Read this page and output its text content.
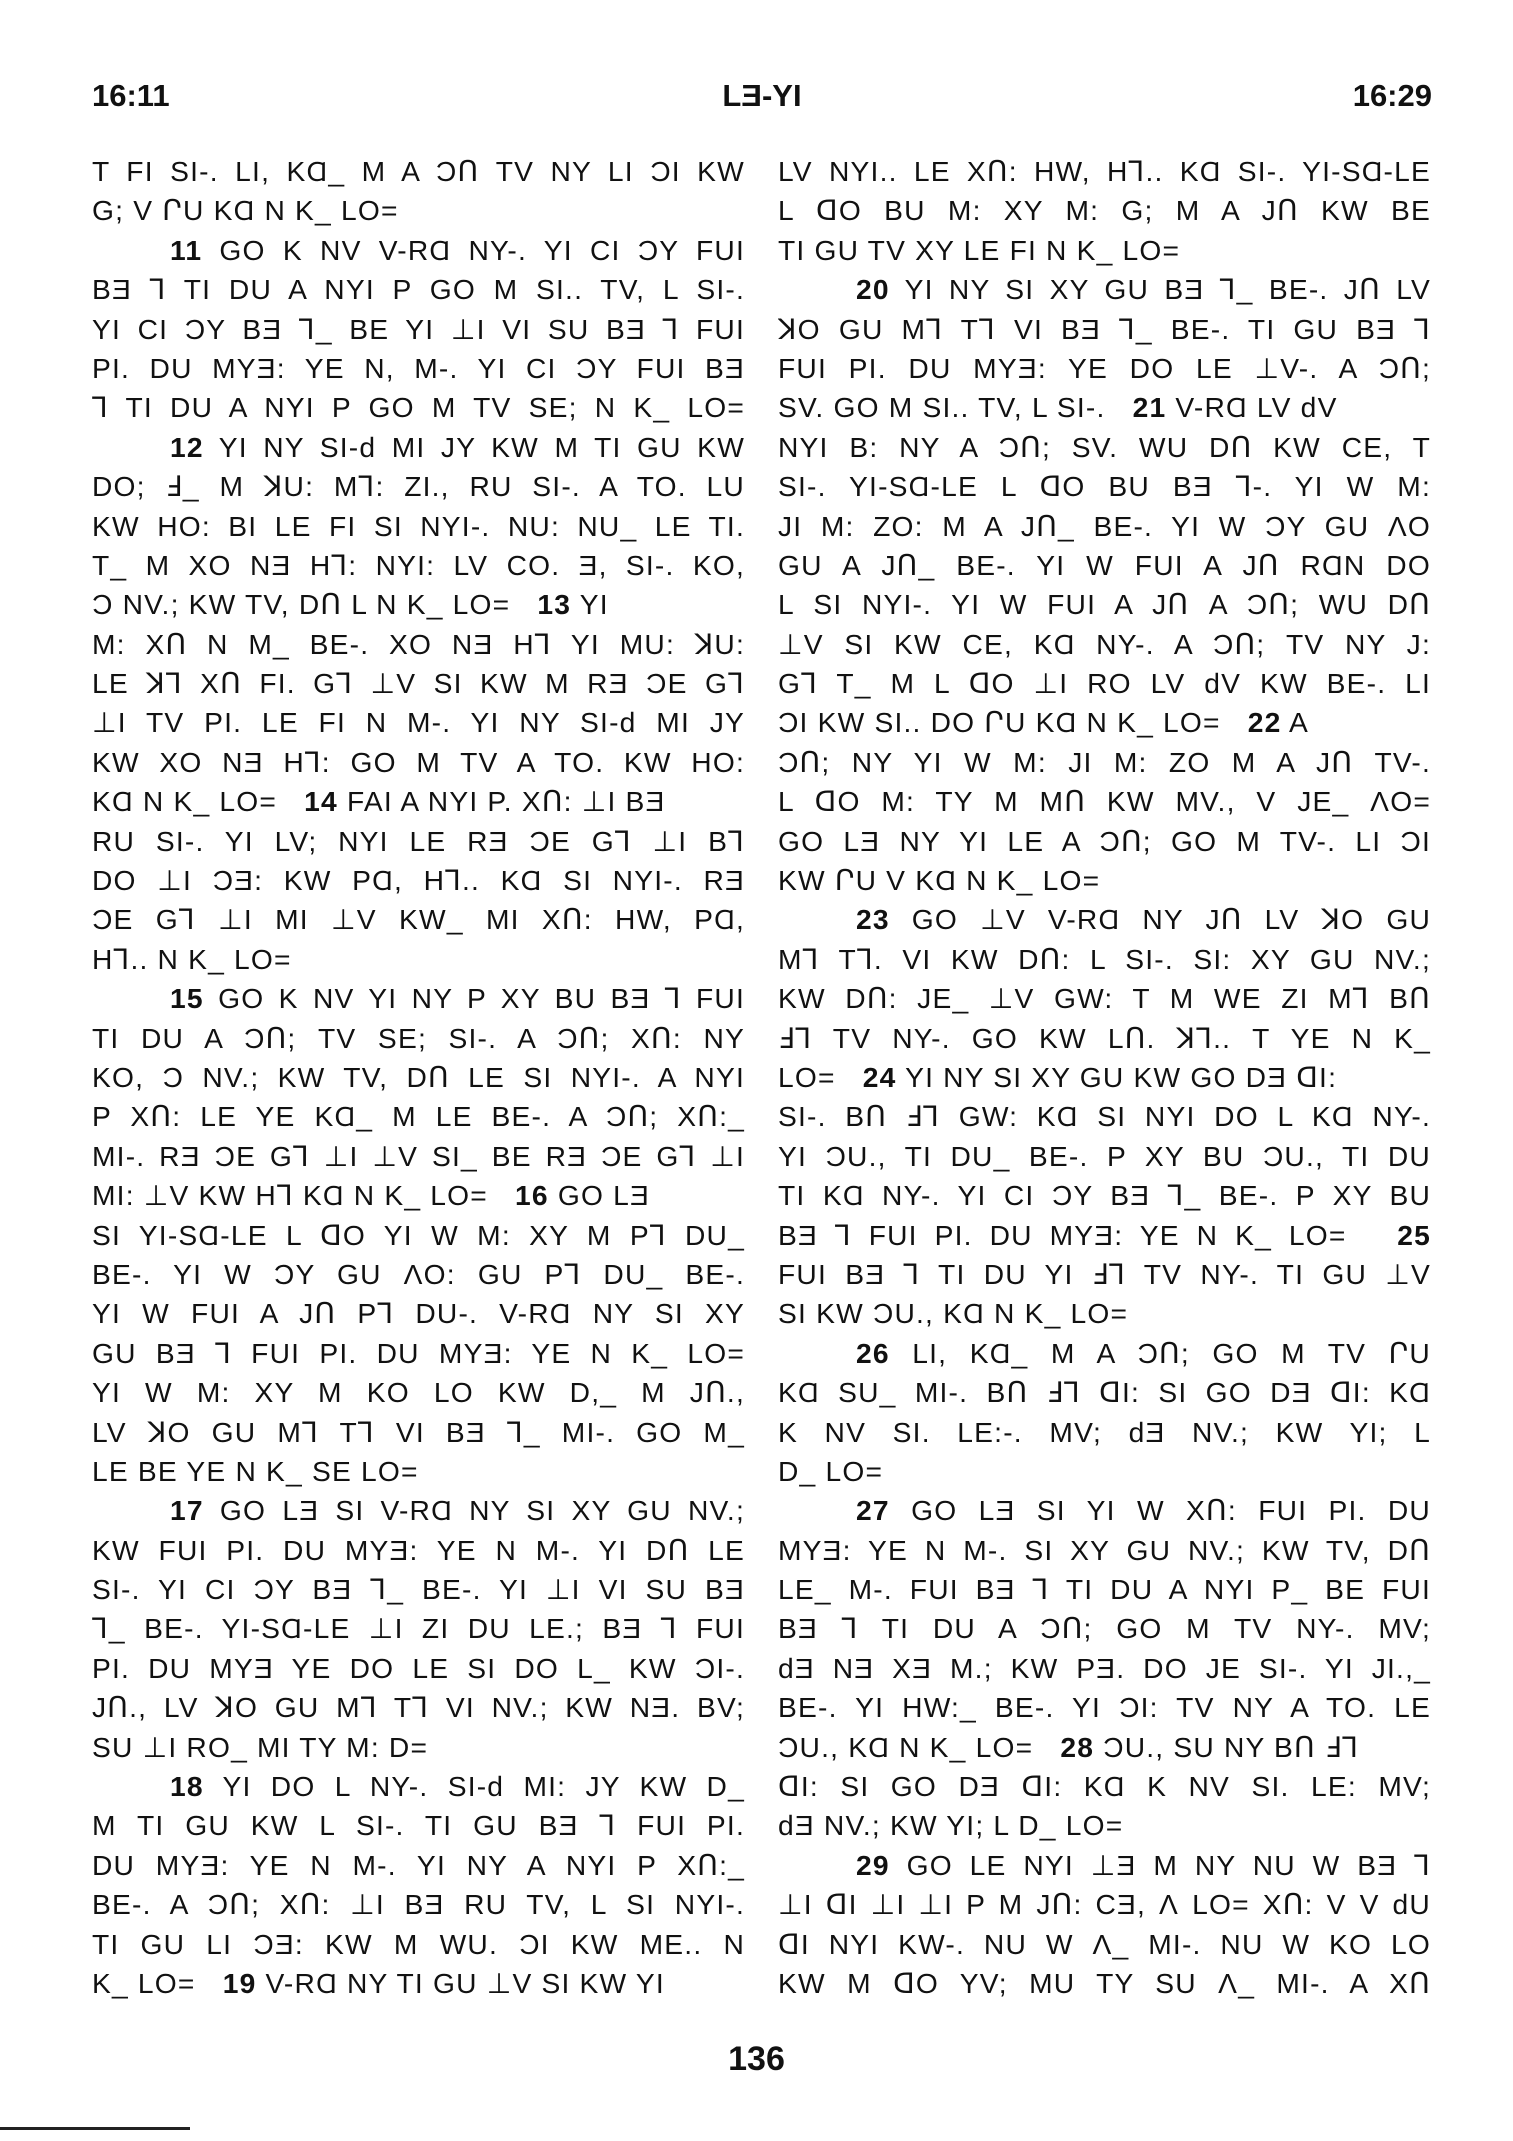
16:11	LƎ-YI	16:29
T FI SI-. LI, KⱭ_ M A ƆՈ TV NY LI ƆI KW
G; V ՐU KⱭ N K_ LO=
11 GO K NV V-RⱭ NY-. YI CI ƆY FUI
BƎ ⅂ TI DU A NYI P GO M SI.. TV, L SI-.
YI CI ƆY BƎ ⅂_ BE YI ⊥I VI SU BƎ ⅂ FUI
PI. DU MYƎ: YE N, M-. YI CI ƆY FUI BƎ
⅂ TI DU A NYI P GO M TV SE; N K_ LO=
12 YI NY SI-ԁ MI JY KW M TI GU KW
DO; Ⅎ_ M ꓘU: M⅂: ZI., RU SI-. A TO. LU
KW HO: BI LE FI SI NYI-. NU: NU_ LE TI.
T_ M XO NƎ H⅂: NYI: LV CO. Ǝ, SI-. KO,
Ɔ NV.; KW TV, DՈ L N K_ LO= 13 YI
M: XՈ N M_ BE-. XO NƎ H⅂ YI MU: ꓘU:
LE ꓘ⅂ XՈ FI. G⅂ ⊥V SI KW M RƎ ƆE G⅂
⊥I TV PI. LE FI N M-. YI NY SI-ԁ MI JY
KW XO NƎ H⅂: GO M TV A TO. KW HO:
KⱭ N K_ LO= 14 FAI A NYI P. XՈ: ⊥I BƎ
RU SI-. YI LV; NYI LE RƎ ƆE G⅂ ⊥I B⅂
DO ⊥I ƆƎ: KW PⱭ, H⅂.. KⱭ SI NYI-. RƎ
ƆE G⅂ ⊥I MI ⊥V KW_ MI XՈ: HW, PⱭ,
H⅂.. N K_ LO=
15 GO K NV YI NY P XY BU BƎ ⅂ FUI
TI DU A ƆՈ; TV SE; SI-. A ƆՈ; XՈ: NY
KO, Ɔ NV.; KW TV, DՈ LE SI NYI-. A NYI
P XՈ: LE YE KⱭ_ M LE BE-. A ƆՈ; XՈ:_
MI-. RƎ ƆE G⅂ ⊥I ⊥V SI_ BE RƎ ƆE G⅂ ⊥I
MI: ⊥V KW H⅂ KⱭ N K_ LO= 16 GO LƎ
SI YI-SⱭ-LE L ꓷO YI W M: XY M P⅂ DU_
BE-. YI W ƆY GU ɅO: GU P⅂ DU_ BE-.
YI W FUI A JՈ P⅂ DU-. V-RⱭ NY SI XY
GU BƎ ⅂ FUI PI. DU MYƎ: YE N K_ LO=
YI W M: XY M KO LO KW D,_ M JՈ.,
LV ꓘO GU M⅂ T⅂ VI BƎ ⅂_ MI-. GO M_
LE BE YE N K_ SE LO=
17 GO LƎ SI V-RⱭ NY SI XY GU NV.;
KW FUI PI. DU MYƎ: YE N M-. YI DՈ LE
SI-. YI CI ƆY BƎ ⅂_ BE-. YI ⊥I VI SU BƎ
⅂_ BE-. YI-SⱭ-LE ⊥I ZI DU LE.; BƎ ⅂ FUI
PI. DU MYƎ YE DO LE SI DO L_ KW ƆI-.
JՈ., LV ꓘO GU M⅂ T⅂ VI NV.; KW NƎ. BV;
SU ⊥I RO_ MI TY M: D=
18 YI DO L NY-. SI-ԁ MI: JY KW D_
M TI GU KW L SI-. TI GU BƎ ⅂ FUI PI.
DU MYƎ: YE N M-. YI NY A NYI P XՈ:_
BE-. A ƆՈ; XՈ: ⊥I BƎ RU TV, L SI NYI-.
TI GU LI ƆƎ: KW M WU. ƆI KW ME.. N
K_ LO= 19 V-RⱭ NY TI GU ⊥V SI KW YI
LV NYI.. LE XՈ: HW, H⅂.. KⱭ SI-. YI-SⱭ-LE
L ꓷO BU M: XY M: G; M A JՈ KW BE
TI GU TV XY LE FI N K_ LO=
20 YI NY SI XY GU BƎ ⅂_ BE-. JՈ LV
ꓘO GU M⅂ T⅂ VI BƎ ⅂_ BE-. TI GU BƎ ⅂
FUI PI. DU MYƎ: YE DO LE ⊥V-. A ƆՈ;
SV. GO M SI.. TV, L SI-. 21 V-RⱭ LV ԁV
NYI B: NY A ƆՈ; SV. WU DՈ KW CE, T
SI-. YI-SⱭ-LE L ꓷO BU BƎ ⅂-. YI W M:
JI M: ZO: M A JՈ_ BE-. YI W ƆY GU ɅO
GU A JՈ_ BE-. YI W FUI A JՈ RⱭN DO
L SI NYI-. YI W FUI A JՈ A ƆՈ; WU DՈ
⊥V SI KW CE, KⱭ NY-. A ƆՈ; TV NY J:
G⅂ T_ M L ꓷO ⊥I RO LV ԁV KW BE-. LI
ƆI KW SI.. DO ՐU KⱭ N K_ LO= 22 A
ƆՈ; NY YI W M: JI M: ZO M A JՈ TV-.
L ꓷO M: TY M MՈ KW MV., V JE_ ɅO=
GO LƎ NY YI LE A ƆՈ; GO M TV-. LI ƆI
KW ՐU V KⱭ N K_ LO=
23 GO ⊥V V-RⱭ NY JՈ LV ꓘO GU
M⅂ T⅂. VI KW DՈ: L SI-. SI: XY GU NV.;
KW DՈ: JE_ ⊥V GW: T M WE ZI M⅂ BՈ
Ⅎ⅂ TV NY-. GO KW LՈ. ꓘ⅂.. T YE N K_
LO= 24 YI NY SI XY GU KW GO DƎ ꓷI:
SI-. BՈ Ⅎ⅂ GW: KⱭ SI NYI DO L KⱭ NY-.
YI ƆU., TI DU_ BE-. P XY BU ƆU., TI DU
TI KⱭ NY-. YI CI ƆY BƎ ⅂_ BE-. P XY BU
BƎ ⅂ FUI PI. DU MYƎ: YE N K_ LO= 25
FUI BƎ ⅂ TI DU YI Ⅎ⅂ TV NY-. TI GU ⊥V
SI KW ƆU., KⱭ N K_ LO=
26 LI, KⱭ_ M A ƆՈ; GO M TV ՐU
KⱭ SU_ MI-. BՈ Ⅎ⅂ ꓷI: SI GO DƎ ꓷI: KⱭ
K NV SI. LE:-. MV; ԁƎ NV.; KW YI; L
D_ LO=
27 GO LƎ SI YI W XՈ: FUI PI. DU
MYƎ: YE N M-. SI XY GU NV.; KW TV, DՈ
LE_ M-. FUI BƎ ⅂ TI DU A NYI P_ BE FUI
BƎ ⅂ TI DU A ƆՈ; GO M TV NY-. MV;
ԁƎ NƎ XƎ M.; KW PƎ. DO JE SI-. YI JI.,_
BE-. YI HW:_ BE-. YI ƆI: TV NY A TO. LE
ƆU., KⱭ N K_ LO= 28 ƆU., SU NY BՈ Ⅎ⅂
ꓷI: SI GO DƎ ꓷI: KⱭ K NV SI. LE: MV;
ԁƎ NV.; KW YI; L D_ LO=
29 GO LE NYI ⊥Ǝ M NY NU W BƎ ⅂
⊥I ꓷI ⊥I ⊥I P M JՈ: CƎ, Ʌ LO= XՈ: V V ԁU
ꓷI NYI KW-. NU W Ʌ_ MI-. NU W KO LO
KW M ꓷO YV; MU TY SU Ʌ_ MI-. A XՈ
136
